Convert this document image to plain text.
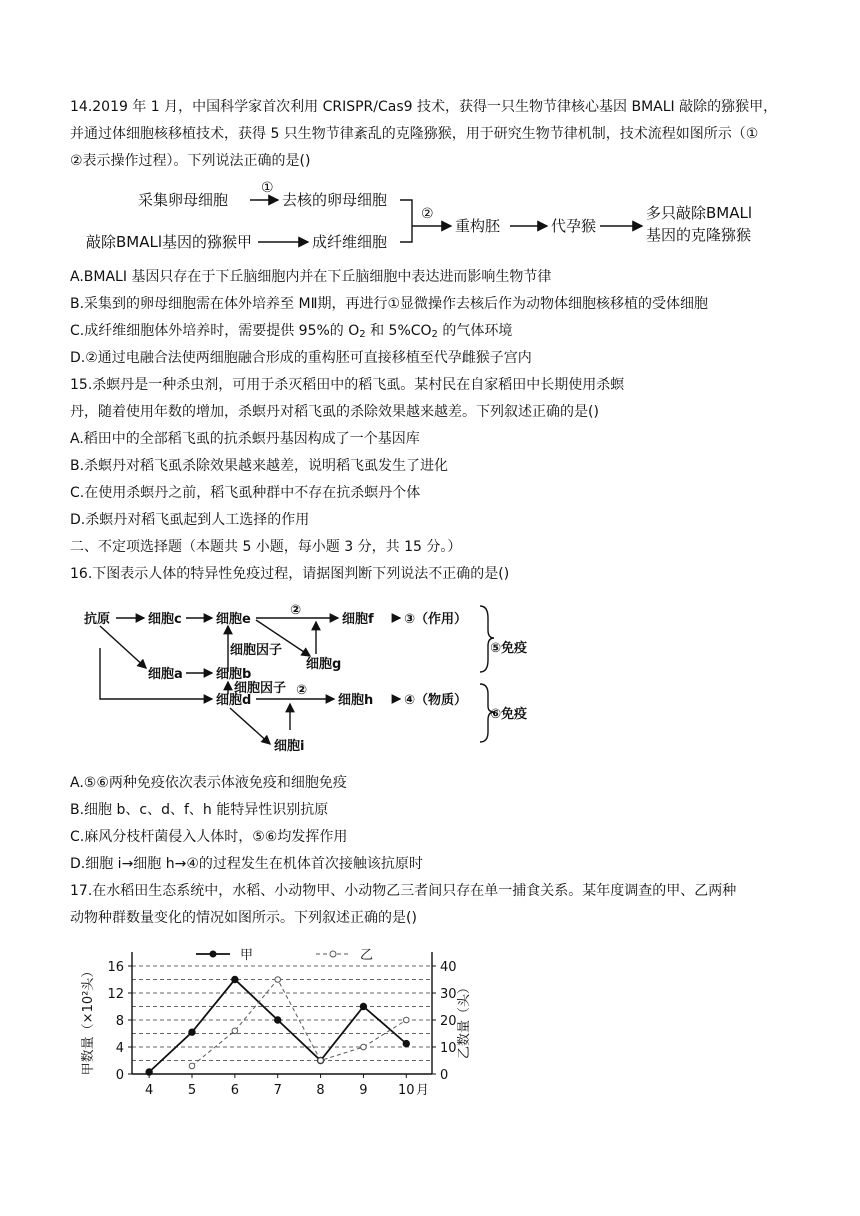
14.2019 年 1 月，中国科学家首次利用 CRISPR/Cas9 技术，获得一只生物节律核心基因 BMALI 敲除的猕猴甲，
并通过体细胞核移植技术，获得 5 只生物节律紊乱的克隆猕猴，用于研究生物节律机制，技术流程如图所示（①
②表示操作过程）。下列说法正确的是()
采集卵母细胞
①
去核的卵母细胞
敲除BMALl基因的猕猴甲	成纤维细胞
②
重构胚	代孕猴
多只敲除BMALl
基因的克隆猕猴
A.BMALI 基因只存在于下丘脑细胞内并在下丘脑细胞中表达进而影响生物节律
B.采集到的卵母细胞需在体外培养至 MⅡ期，再进行①显微操作去核后作为动物体细胞核移植的受体细胞
C.成纤维细胞体外培养时，需要提供 95%的 $O_2$ 和 $5\%CO_2$ 的气体环境
D.②通过电融合法使两细胞融合形成的重构胚可直接移植至代孕雌猴子宫内
15.杀螟丹是一种杀虫剂，可用于杀灭稻田中的稻飞虱。某村民在自家稻田中长期使用杀螟
丹，随着使用年数的增加，杀螟丹对稻飞虱的杀除效果越来越差。下列叙述正确的是()
A.稻田中的全部稻飞虱的抗杀螟丹基因构成了一个基因库
B.杀螟丹对稻飞虱杀除效果越来越差，说明稻飞虱发生了进化
C.在使用杀螟丹之前，稻飞虱种群中不存在抗杀螟丹个体
D.杀螟丹对稻飞虱起到人工选择的作用
二、不定项选择题（本题共 5 小题，每小题 3 分，共 15 分。）
16.下图表示人体的特异性免疫过程，请据图判断下列说法不正确的是()
抗原	细胞c	细胞e
②
细胞f ③（作用）
细胞因子
细胞g
细胞a	细胞b
细胞因子 ②
细胞d	细胞h ④（物质）
细胞i
⑤免疫
⑥免疫
A.⑤⑥两种免疫依次表示体液免疫和细胞免疫
B.细胞 b、c、d、f、h 能特异性识别抗原
C.麻风分枝杆菌侵入人体时，⑤⑥均发挥作用
D.细胞 i→细胞 h→④的过程发生在机体首次接触该抗原时
17.在水稻田生态系统中，水稻、小动物甲、小动物乙三者间只存在单一捕食关系。某年度调查的甲、乙两种
动物种群数量变化的情况如图所示。下列叙述正确的是()
0
4
8
12
16
0
10
20
30
40
4	5	6	7	8	9 10
甲	乙
甲数量（×10²头）	乙数量（头）
月
